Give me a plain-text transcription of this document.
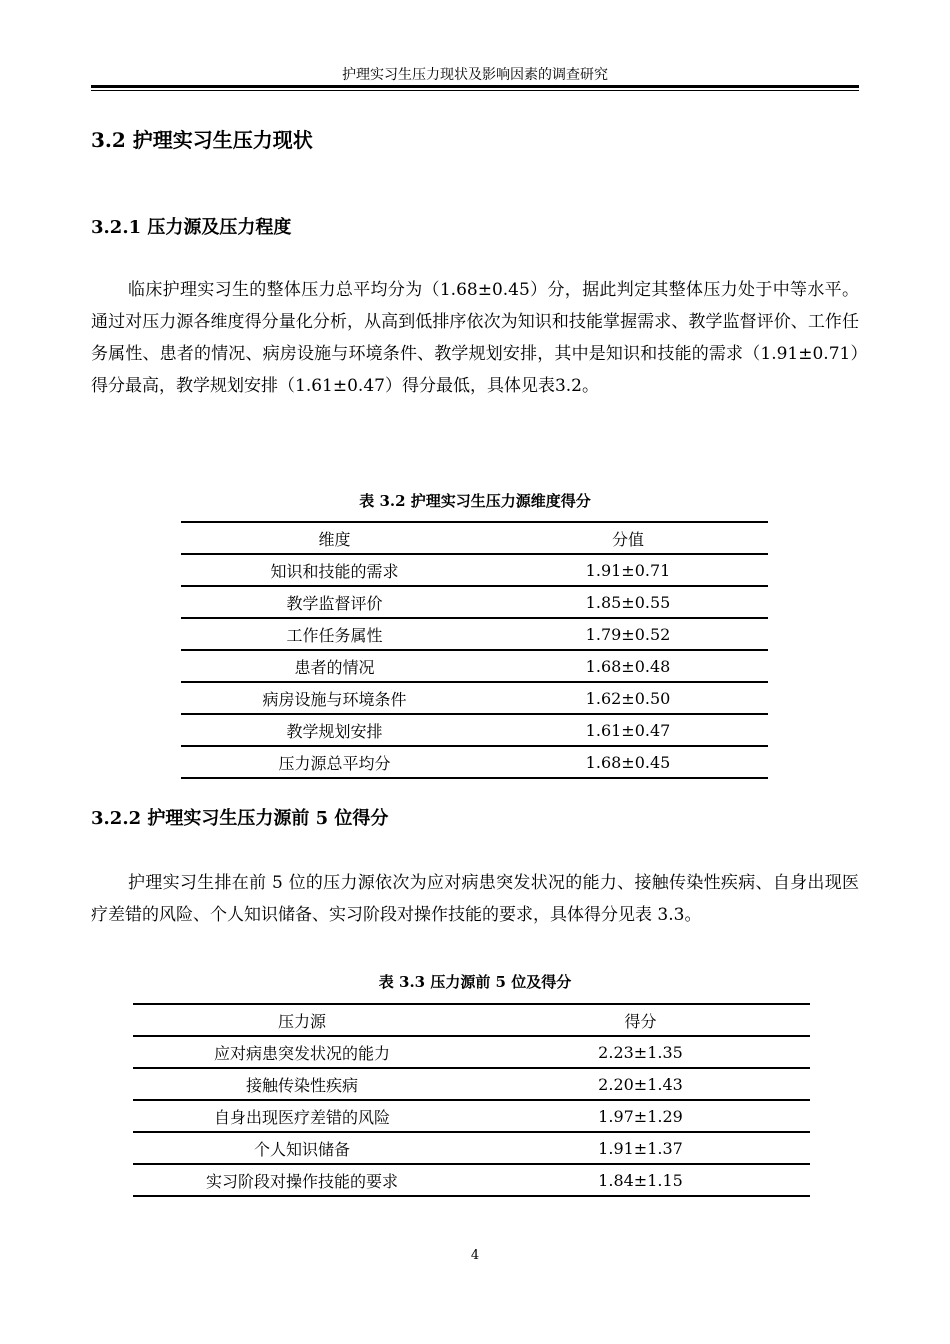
护理实习生压力现状及影响因素的调查研究
3.2 护理实习生压力现状
3.2.1 压力源及压力程度

临床护理实习生的整体压力总平均分为（1.68±0.45）分，据此判定其整体压力处于中等水平。通过对压力源各维度得分量化分析，从高到低排序依次为知识和技能掌握需求、教学监督评价、工作任务属性、患者的情况、病房设施与环境条件、教学规划安排，其中是知识和技能的需求（1.91±0.71）得分最高，教学规划安排（1.61±0.47）得分最低，具体见表3.2。

表 3.2 护理实习生压力源维度得分
维度	分值
知识和技能的需求	1.91±0.71
教学监督评价	1.85±0.55
工作任务属性	1.79±0.52
患者的情况	1.68±0.48
病房设施与环境条件	1.62±0.50
教学规划安排	1.61±0.47
压力源总平均分	1.68±0.45
3.2.2 护理实习生压力源前 5 位得分

护理实习生排在前 5 位的压力源依次为应对病患突发状况的能力、接触传染性疾病、自身出现医疗差错的风险、个人知识储备、实习阶段对操作技能的要求，具体得分见表 3.3。

表 3.3 压力源前 5 位及得分
压力源	得分
应对病患突发状况的能力	2.23±1.35
接触传染性疾病	2.20±1.43
自身出现医疗差错的风险	1.97±1.29
个人知识储备	1.91±1.37
实习阶段对操作技能的要求	1.84±1.15
4
